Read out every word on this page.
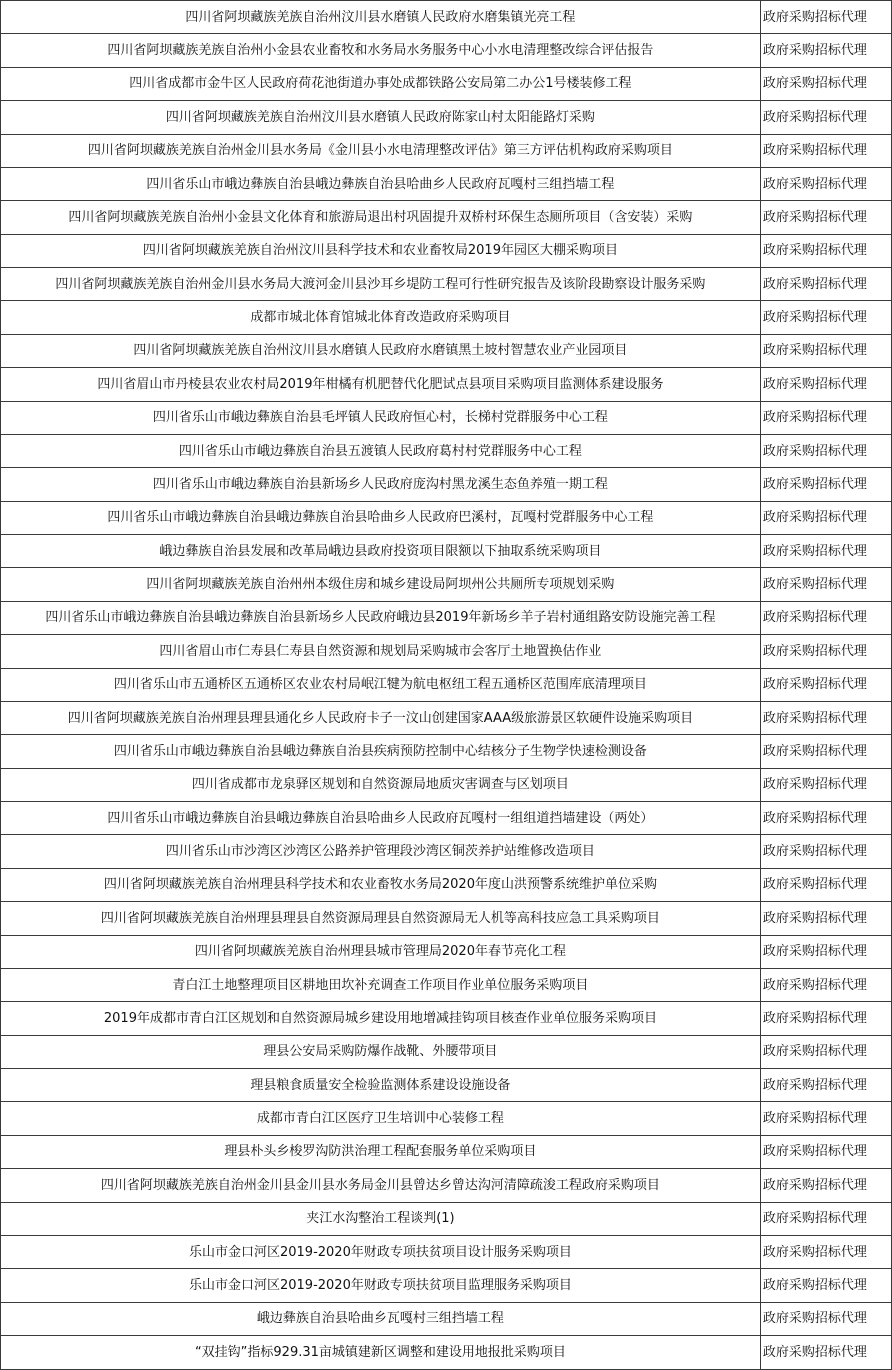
四川省阿坝藏族羌族自治州汶川县水磨镇人民政府水磨集镇光亮工程	政府采购招标代理
四川省阿坝藏族羌族自治州小金县农业畜牧和水务局水务服务中心小水电清理整改综合评估报告	政府采购招标代理
四川省成都市金牛区人民政府荷花池街道办事处成都铁路公安局第二办公1号楼装修工程	政府采购招标代理
四川省阿坝藏族羌族自治州汶川县水磨镇人民政府陈家山村太阳能路灯采购	政府采购招标代理
四川省阿坝藏族羌族自治州金川县水务局《金川县小水电清理整改评估》第三方评估机构政府采购项目	政府采购招标代理
四川省乐山市峨边彝族自治县峨边彝族自治县哈曲乡人民政府瓦嘎村三组挡墙工程	政府采购招标代理
四川省阿坝藏族羌族自治州小金县文化体育和旅游局退出村巩固提升双桥村环保生态厕所项目（含安装）采购	政府采购招标代理
四川省阿坝藏族羌族自治州汶川县科学技术和农业畜牧局2019年园区大棚采购项目	政府采购招标代理
四川省阿坝藏族羌族自治州金川县水务局大渡河金川县沙耳乡堤防工程可行性研究报告及该阶段勘察设计服务采购	政府采购招标代理
成都市城北体育馆城北体育改造政府采购项目	政府采购招标代理
四川省阿坝藏族羌族自治州汶川县水磨镇人民政府水磨镇黑土坡村智慧农业产业园项目	政府采购招标代理
四川省眉山市丹棱县农业农村局2019年柑橘有机肥替代化肥试点县项目采购项目监测体系建设服务	政府采购招标代理
四川省乐山市峨边彝族自治县毛坪镇人民政府恒心村，长梯村党群服务中心工程	政府采购招标代理
四川省乐山市峨边彝族自治县五渡镇人民政府葛村村党群服务中心工程	政府采购招标代理
四川省乐山市峨边彝族自治县新场乡人民政府庞沟村黑龙溪生态鱼养殖一期工程	政府采购招标代理
四川省乐山市峨边彝族自治县峨边彝族自治县哈曲乡人民政府巴溪村，瓦嘎村党群服务中心工程	政府采购招标代理
峨边彝族自治县发展和改革局峨边县政府投资项目限额以下抽取系统采购项目	政府采购招标代理
四川省阿坝藏族羌族自治州州本级住房和城乡建设局阿坝州公共厕所专项规划采购	政府采购招标代理
四川省乐山市峨边彝族自治县峨边彝族自治县新场乡人民政府峨边县2019年新场乡羊子岩村通组路安防设施完善工程	政府采购招标代理
四川省眉山市仁寿县仁寿县自然资源和规划局采购城市会客厅土地置换估作业	政府采购招标代理
四川省乐山市五通桥区五通桥区农业农村局岷江犍为航电枢纽工程五通桥区范围库底清理项目	政府采购招标代理
四川省阿坝藏族羌族自治州理县理县通化乡人民政府卡子一汶山创建国家AAA级旅游景区软硬件设施采购项目	政府采购招标代理
四川省乐山市峨边彝族自治县峨边彝族自治县疾病预防控制中心结核分子生物学快速检测设备	政府采购招标代理
四川省成都市龙泉驿区规划和自然资源局地质灾害调查与区划项目	政府采购招标代理
四川省乐山市峨边彝族自治县峨边彝族自治县哈曲乡人民政府瓦嘎村一组组道挡墙建设（两处）	政府采购招标代理
四川省乐山市沙湾区沙湾区公路养护管理段沙湾区铜茨养护站维修改造项目	政府采购招标代理
四川省阿坝藏族羌族自治州理县科学技术和农业畜牧水务局2020年度山洪预警系统维护单位采购	政府采购招标代理
四川省阿坝藏族羌族自治州理县理县自然资源局理县自然资源局无人机等高科技应急工具采购项目	政府采购招标代理
四川省阿坝藏族羌族自治州理县城市管理局2020年春节亮化工程	政府采购招标代理
青白江土地整理项目区耕地田坎补充调查工作项目作业单位服务采购项目	政府采购招标代理
2019年成都市青白江区规划和自然资源局城乡建设用地增减挂钩项目核查作业单位服务采购项目	政府采购招标代理
理县公安局采购防爆作战靴、外腰带项目	政府采购招标代理
理县粮食质量安全检验监测体系建设设施设备	政府采购招标代理
成都市青白江区医疗卫生培训中心装修工程	政府采购招标代理
理县朴头乡梭罗沟防洪治理工程配套服务单位采购项目	政府采购招标代理
四川省阿坝藏族羌族自治州金川县金川县水务局金川县曾达乡曾达沟河清障疏浚工程政府采购项目	政府采购招标代理
夹江水沟整治工程谈判(1)	政府采购招标代理
乐山市金口河区2019-2020年财政专项扶贫项目设计服务采购项目	政府采购招标代理
乐山市金口河区2019-2020年财政专项扶贫项目监理服务采购项目	政府采购招标代理
峨边彝族自治县哈曲乡瓦嘎村三组挡墙工程	政府采购招标代理
“双挂钩”指标929.31亩城镇建新区调整和建设用地报批采购项目	政府采购招标代理
